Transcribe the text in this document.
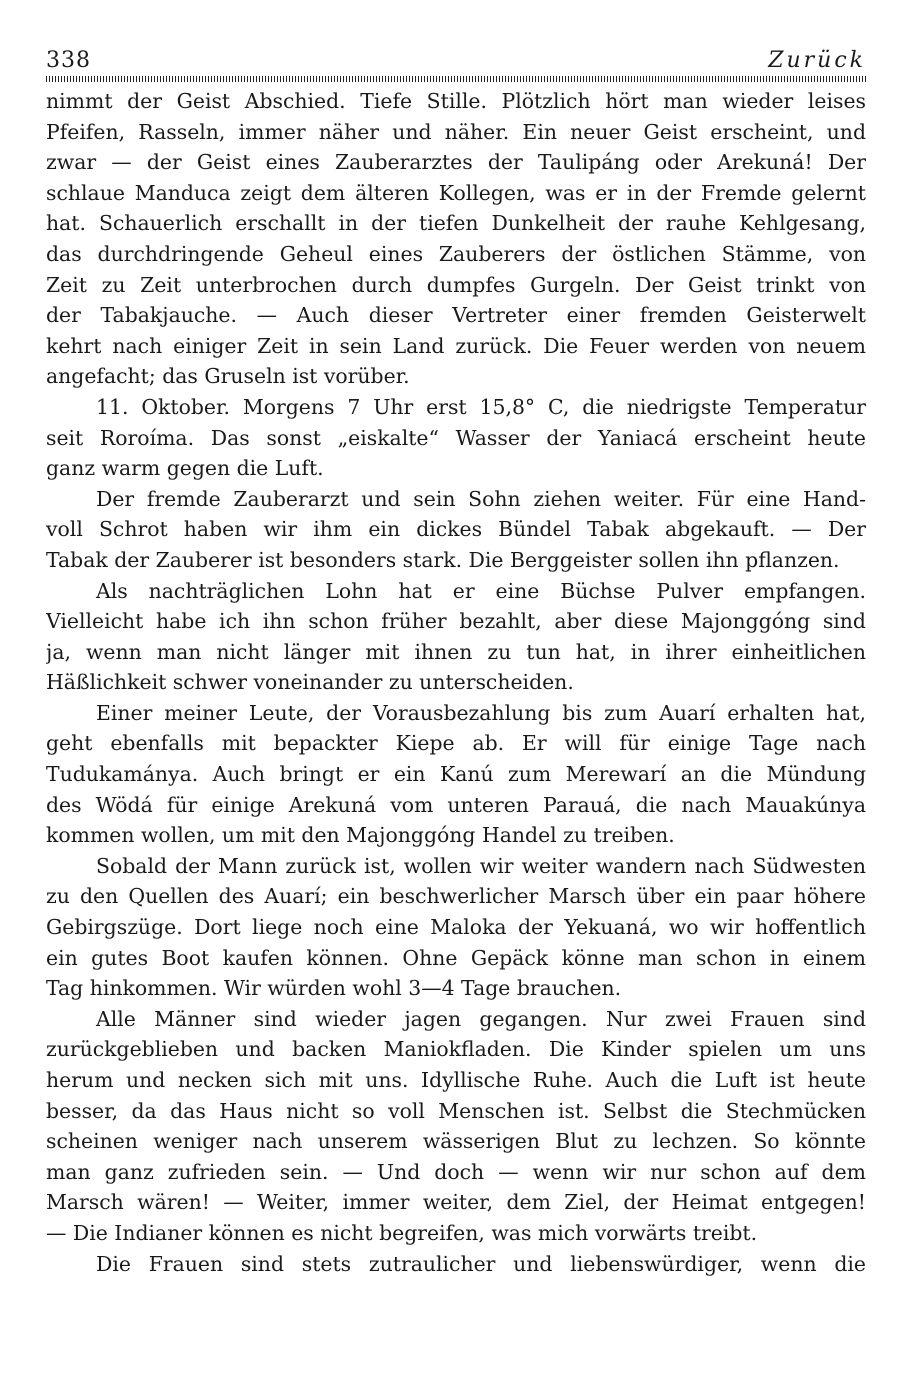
338	Zurück
nimmt der Geist Abschied. Tiefe Stille. Plötzlich hört man wieder leises
Pfeifen, Rasseln, immer näher und näher. Ein neuer Geist erscheint, und
zwar — der Geist eines Zauberarztes der Taulipáng oder Arekuná! Der
schlaue Manduca zeigt dem älteren Kollegen, was er in der Fremde gelernt
hat. Schauerlich erschallt in der tiefen Dunkelheit der rauhe Kehlgesang,
das durchdringende Geheul eines Zauberers der östlichen Stämme, von
Zeit zu Zeit unterbrochen durch dumpfes Gurgeln. Der Geist trinkt von
der Tabakjauche. — Auch dieser Vertreter einer fremden Geisterwelt
kehrt nach einiger Zeit in sein Land zurück. Die Feuer werden von neuem
angefacht; das Gruseln ist vorüber.
11. Oktober. Morgens 7 Uhr erst 15,8° C, die niedrigste Temperatur
seit Roroíma. Das sonst „eiskalte“ Wasser der Yaniacá erscheint heute
ganz warm gegen die Luft.
Der fremde Zauberarzt und sein Sohn ziehen weiter. Für eine Hand-
voll Schrot haben wir ihm ein dickes Bündel Tabak abgekauft. — Der
Tabak der Zauberer ist besonders stark. Die Berggeister sollen ihn pflanzen.
Als nachträglichen Lohn hat er eine Büchse Pulver empfangen.
Vielleicht habe ich ihn schon früher bezahlt, aber diese Majonggóng sind
ja, wenn man nicht länger mit ihnen zu tun hat, in ihrer einheitlichen
Häßlichkeit schwer voneinander zu unterscheiden.
Einer meiner Leute, der Vorausbezahlung bis zum Auarí erhalten hat,
geht ebenfalls mit bepackter Kiepe ab. Er will für einige Tage nach
Tudukamánya. Auch bringt er ein Kanú zum Merewarí an die Mündung
des Wödá für einige Arekuná vom unteren Parauá, die nach Mauakúnya
kommen wollen, um mit den Majonggóng Handel zu treiben.
Sobald der Mann zurück ist, wollen wir weiter wandern nach Südwesten
zu den Quellen des Auarí; ein beschwerlicher Marsch über ein paar höhere
Gebirgszüge. Dort liege noch eine Maloka der Yekuaná, wo wir hoffentlich
ein gutes Boot kaufen können. Ohne Gepäck könne man schon in einem
Tag hinkommen. Wir würden wohl 3—4 Tage brauchen.
Alle Männer sind wieder jagen gegangen. Nur zwei Frauen sind
zurückgeblieben und backen Maniokfladen. Die Kinder spielen um uns
herum und necken sich mit uns. Idyllische Ruhe. Auch die Luft ist heute
besser, da das Haus nicht so voll Menschen ist. Selbst die Stechmücken
scheinen weniger nach unserem wässerigen Blut zu lechzen. So könnte
man ganz zufrieden sein. — Und doch — wenn wir nur schon auf dem
Marsch wären! — Weiter, immer weiter, dem Ziel, der Heimat entgegen!
— Die Indianer können es nicht begreifen, was mich vorwärts treibt.
Die Frauen sind stets zutraulicher und liebenswürdiger, wenn die
